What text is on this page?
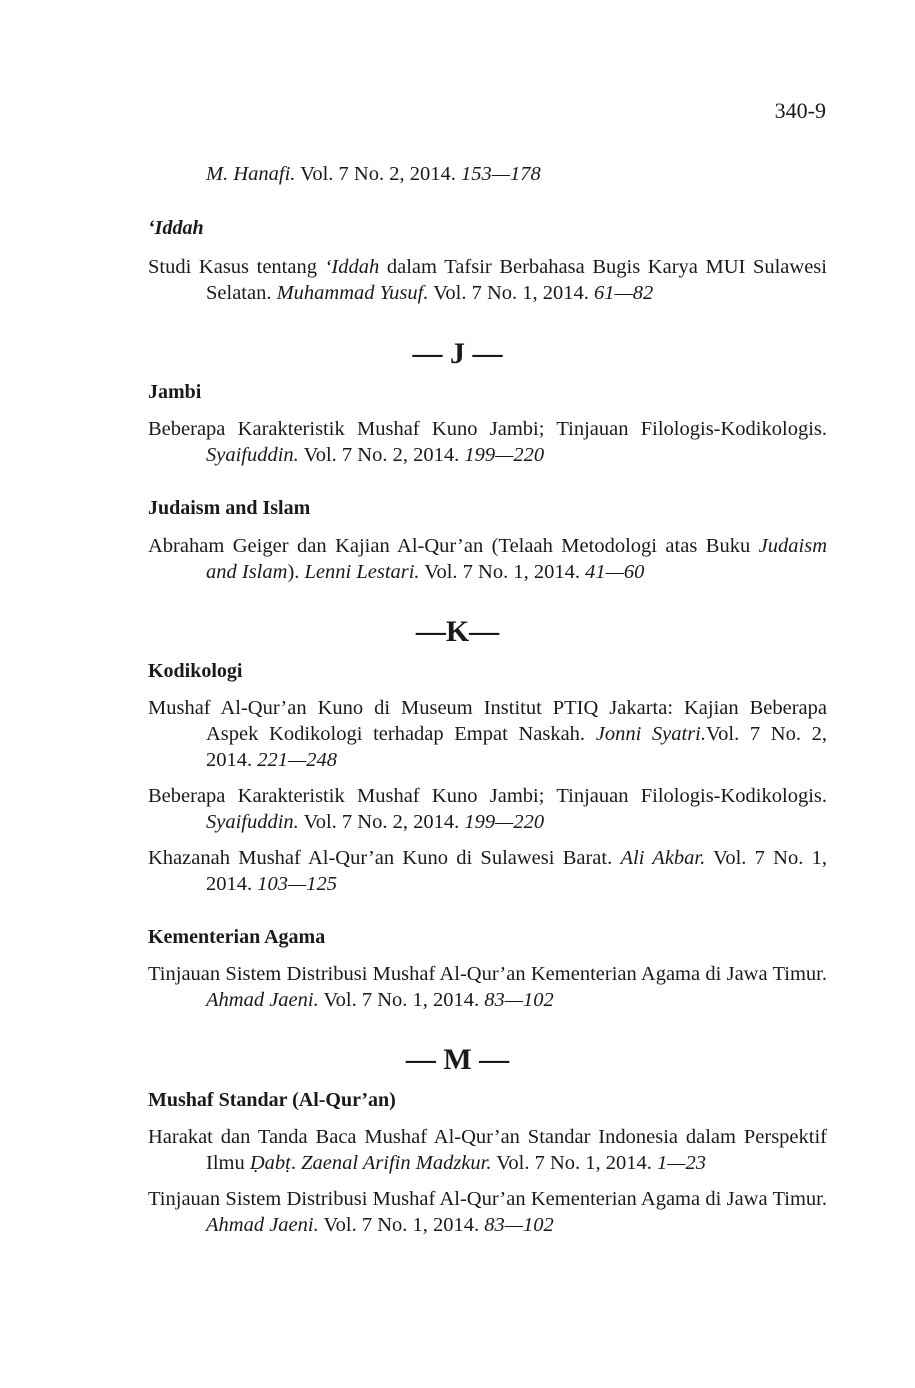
340-9
M. Hanafi. Vol. 7 No. 2, 2014. 153—178
‘Iddah
Studi Kasus tentang ‘Iddah dalam Tafsir Berbahasa Bugis Karya MUI Sulawesi Selatan. Muhammad Yusuf. Vol. 7 No. 1, 2014. 61—82
— J —
Jambi
Beberapa Karakteristik Mushaf Kuno Jambi; Tinjauan Filologis-Kodikologis. Syaifuddin. Vol. 7 No. 2, 2014. 199—220
Judaism and Islam
Abraham Geiger dan Kajian Al-Qur’an (Telaah Metodologi atas Buku Judaism and Islam). Lenni Lestari. Vol. 7 No. 1, 2014. 41—60
—K—
Kodikologi
Mushaf Al-Qur’an Kuno di Museum Institut PTIQ Jakarta: Kajian Beberapa Aspek Kodikologi terhadap Empat Naskah. Jonni Syatri.Vol. 7 No. 2, 2014. 221—248
Beberapa Karakteristik Mushaf Kuno Jambi; Tinjauan Filologis-Kodikologis. Syaifuddin. Vol. 7 No. 2, 2014. 199—220
Khazanah Mushaf Al-Qur’an Kuno di Sulawesi Barat. Ali Akbar. Vol. 7 No. 1, 2014. 103—125
Kementerian Agama
Tinjauan Sistem Distribusi Mushaf Al-Qur’an Kementerian Agama di Jawa Timur. Ahmad Jaeni. Vol. 7 No. 1, 2014. 83—102
— M —
Mushaf Standar (Al-Qur’an)
Harakat dan Tanda Baca Mushaf Al-Qur’an Standar Indonesia dalam Perspektif Ilmu Ḍabṭ. Zaenal Arifin Madzkur. Vol. 7 No. 1, 2014. 1—23
Tinjauan Sistem Distribusi Mushaf Al-Qur’an Kementerian Agama di Jawa Timur. Ahmad Jaeni. Vol. 7 No. 1, 2014. 83—102
